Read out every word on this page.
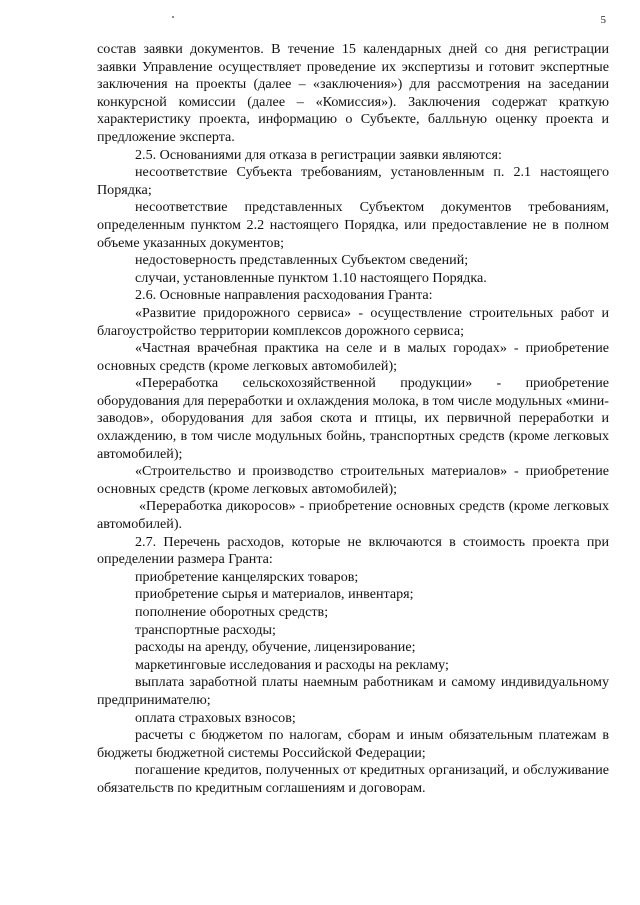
5

состав заявки документов. В течение 15 календарных дней со дня регистрации заявки Управление осуществляет проведение их экспертизы и готовит экспертные заключения на проекты (далее – «заключения») для рассмотрения на заседании конкурсной комиссии (далее – «Комиссия»). Заключения содержат краткую характеристику проекта, информацию о Субъекте, балльную оценку проекта и предложение эксперта.

2.5. Основаниями для отказа в регистрации заявки являются:

несоответствие Субъекта требованиям, установленным п. 2.1 настоящего Порядка;

несоответствие представленных Субъектом документов требованиям, определенным пунктом 2.2 настоящего Порядка, или предоставление не в полном объеме указанных документов;

недостоверность представленных Субъектом сведений;

случаи, установленные пунктом 1.10 настоящего Порядка.

2.6. Основные направления расходования Гранта:

«Развитие придорожного сервиса» - осуществление строительных работ и благоустройство территории комплексов дорожного сервиса;

«Частная врачебная практика на селе и в малых городах» - приобретение основных средств (кроме легковых автомобилей);

«Переработка сельскохозяйственной продукции» - приобретение оборудования для переработки и охлаждения молока, в том числе модульных «мини-заводов», оборудования для забоя скота и птицы, их первичной переработки и охлаждению, в том числе модульных бойнь, транспортных средств (кроме легковых автомобилей);

«Строительство и производство строительных материалов» - приобретение основных средств (кроме легковых автомобилей);

«Переработка дикоросов» - приобретение основных средств (кроме легковых автомобилей).

2.7. Перечень расходов, которые не включаются в стоимость проекта при определении размера Гранта:

приобретение канцелярских товаров;

приобретение сырья и материалов, инвентаря;

пополнение оборотных средств;

транспортные расходы;

расходы на аренду, обучение, лицензирование;

маркетинговые исследования и расходы на рекламу;

выплата заработной платы наемным работникам и самому индивидуальному предпринимателю;

оплата страховых взносов;

расчеты с бюджетом по налогам, сборам и иным обязательным платежам в бюджеты бюджетной системы Российской Федерации;

погашение кредитов, полученных от кредитных организаций, и обслуживание обязательств по кредитным соглашениям и договорам.
